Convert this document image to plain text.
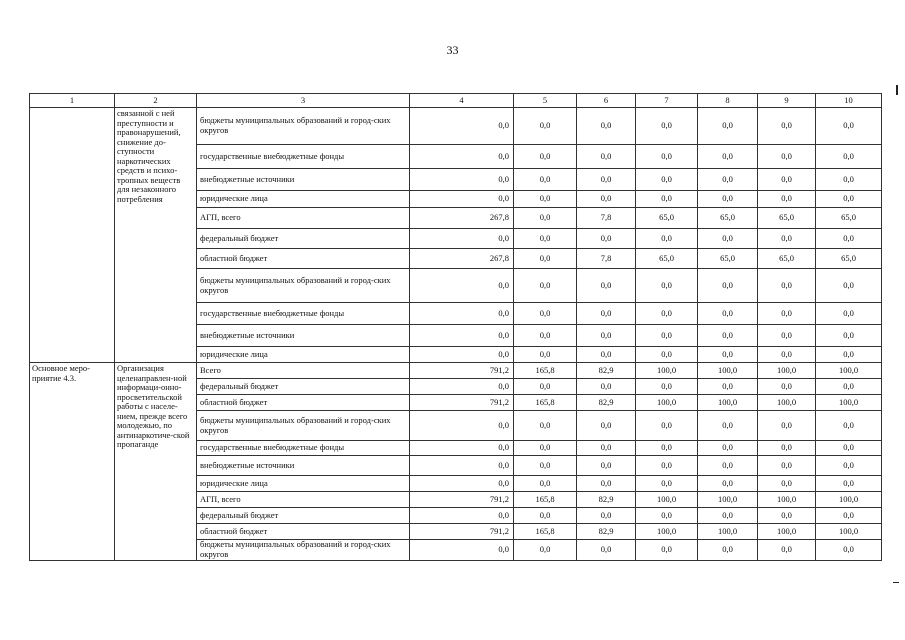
33
1	2	3	4	5	6	7	8	9	10
	связанной с ней преступности и правонарушений, снижение до-ступности наркотических средств и психо-тропных веществ для незаконного потребления	бюджеты муниципальных образований и город-ских округов	0,0	0,0	0,0	0,0	0,0	0,0	0,0
		государственные внебюджетные фонды	0,0	0,0	0,0	0,0	0,0	0,0	0,0
		внебюджетные источники	0,0	0,0	0,0	0,0	0,0	0,0	0,0
		юридические лица	0,0	0,0	0,0	0,0	0,0	0,0	0,0
		АГП, всего	267,8	0,0	7,8	65,0	65,0	65,0	65,0
		федеральный бюджет	0,0	0,0	0,0	0,0	0,0	0,0	0,0
		областной бюджет	267,8	0,0	7,8	65,0	65,0	65,0	65,0
		бюджеты муниципальных образований и город-ских округов	0,0	0,0	0,0	0,0	0,0	0,0	0,0
		государственные внебюджетные фонды	0,0	0,0	0,0	0,0	0,0	0,0	0,0
		внебюджетные источники	0,0	0,0	0,0	0,0	0,0	0,0	0,0
		юридические лица	0,0	0,0	0,0	0,0	0,0	0,0	0,0
Основное меро-приятие 4.3.	Организация целенаправлен-ной информаци-онно-просветительской работы с населе-нием, прежде всего молодежью, по антинаркотиче-ской пропаганде	Всего	791,2	165,8	82,9	100,0	100,0	100,0	100,0
		федеральный бюджет	0,0	0,0	0,0	0,0	0,0	0,0	0,0
		областной бюджет	791,2	165,8	82,9	100,0	100,0	100,0	100,0
		бюджеты муниципальных образований и город-ских округов	0,0	0,0	0,0	0,0	0,0	0,0	0,0
		государственные внебюджетные фонды	0,0	0,0	0,0	0,0	0,0	0,0	0,0
		внебюджетные источники	0,0	0,0	0,0	0,0	0,0	0,0	0,0
		юридические лица	0,0	0,0	0,0	0,0	0,0	0,0	0,0
		АГП, всего	791,2	165,8	82,9	100,0	100,0	100,0	100,0
		федеральный бюджет	0,0	0,0	0,0	0,0	0,0	0,0	0,0
		областной бюджет	791,2	165,8	82,9	100,0	100,0	100,0	100,0
		бюджеты муниципальных образований и город-ских округов	0,0	0,0	0,0	0,0	0,0	0,0	0,0
